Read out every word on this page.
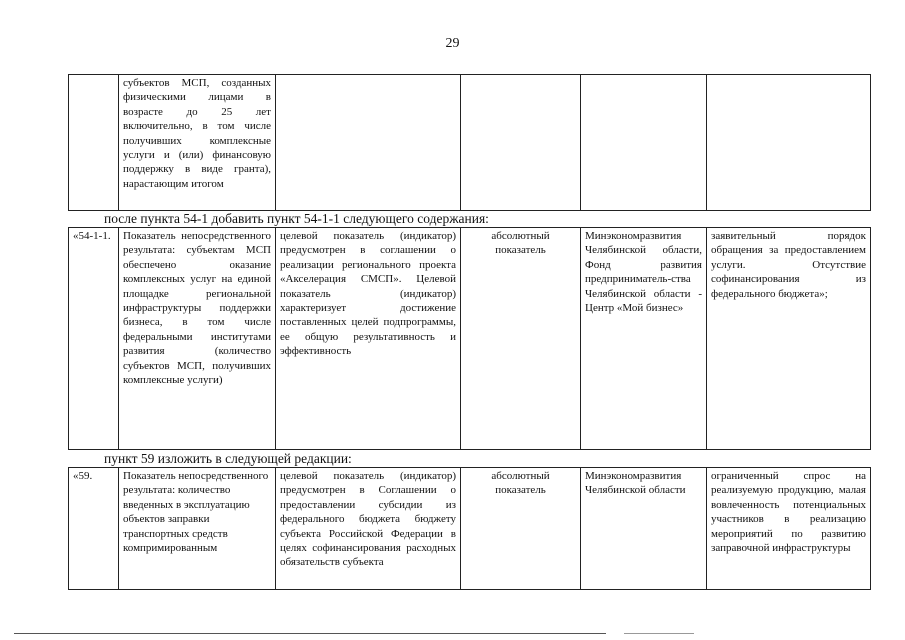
29
	субъектов МСП, созданных физическими лицами в возрасте до 25 лет включительно, в том числе получивших комплексные услуги и (или) финансовую поддержку в виде гранта), нарастающим итогом				
после пункта 54-1 добавить пункт 54-1-1 следующего содержания:
«54-1-1.	Показатель непосредственного результата: субъектам МСП обеспечено оказание комплексных услуг на единой площадке региональной инфраструктуры поддержки бизнеса, в том числе федеральными институтами развития (количество субъектов МСП, получивших комплексные услуги)	целевой показатель (индикатор) предусмотрен в соглашении о реализации регионального проекта «Акселерация СМСП». Целевой показатель (индикатор) характеризует достижение поставленных целей подпрограммы, ее общую результативность и эффективность	абсолютный показатель	Минэкономразвития Челябинской области, Фонд развития предприниматель-ства Челябинской области - Центр «Мой бизнес»	заявительный порядок обращения за предоставлением услуги. Отсутствие софинансирования из федерального бюджета»;
пункт 59 изложить в следующей редакции:
«59.	Показатель непосредственного результата: количество введенных в эксплуатацию объектов заправки транспортных средств компримированным	целевой показатель (индикатор) предусмотрен в Соглашении о предоставлении субсидии из федерального бюджета бюджету субъекта Российской Федерации в целях софинансирования расходных обязательств субъекта	абсолютный показатель	Минэкономразвития Челябинской области	ограниченный спрос на реализуемую продукцию, малая вовлеченность потенциальных участников в реализацию мероприятий по развитию заправочной инфраструктуры
